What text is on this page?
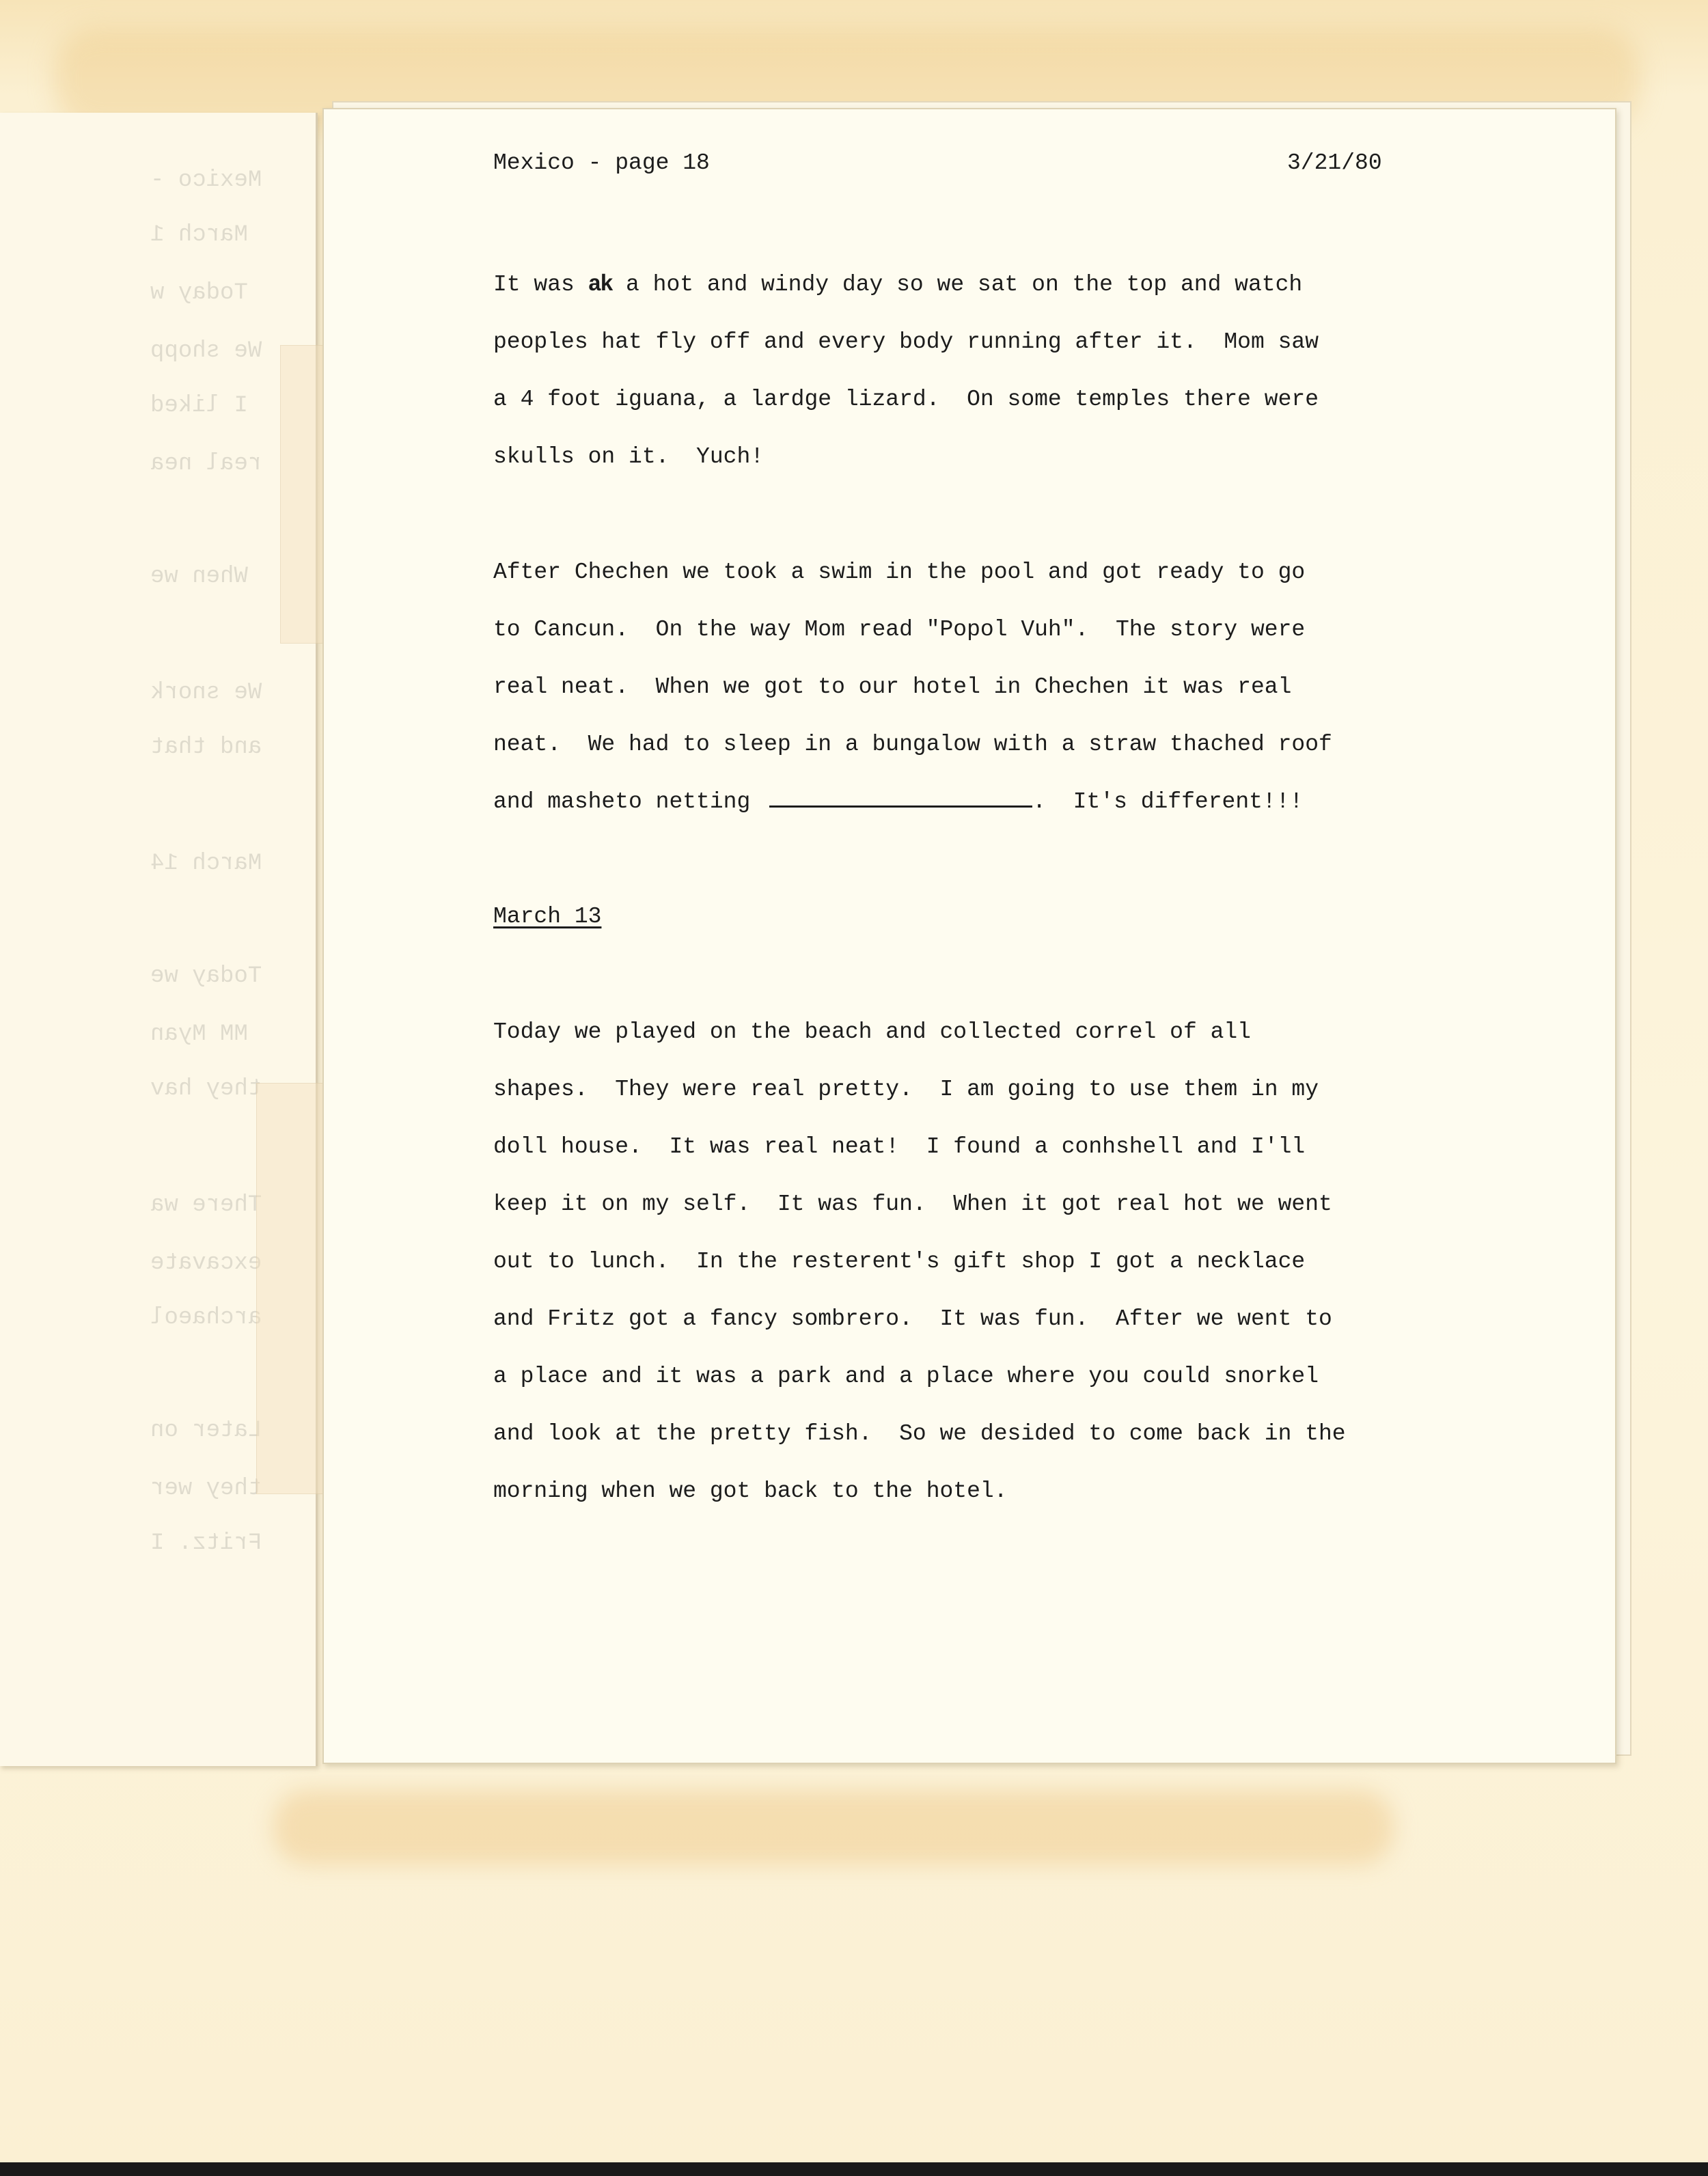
Mexico -
March 1
Today w
We shopp
I liked
real nea
When we
We snork
and that
March 14
Today we
MM Myan
they hav
There wa
excavate
archaeol
Later on
they wer
Fritz. I
Mexico - page 18	3/21/80
It was ak a hot and windy day so we sat on the top and watch
peoples hat fly off and every body running after it.  Mom saw
a 4 foot iguana, a lardge lizard.  On some temples there were
skulls on it.  Yuch!
After Chechen we took a swim in the pool and got ready to go
to Cancun.  On the way Mom read "Popol Vuh".  The story were
real neat.  When we got to our hotel in Chechen it was real
neat.  We had to sleep in a bungalow with a straw thached roof
and masheto netting	.  It's different!!!
March 13
Today we played on the beach and collected correl of all
shapes.  They were real pretty.  I am going to use them in my
doll house.  It was real neat!  I found a conhshell and I'll
keep it on my self.  It was fun.  When it got real hot we went
out to lunch.  In the resterent's gift shop I got a necklace
and Fritz got a fancy sombrero.  It was fun.  After we went to
a place and it was a park and a place where you could snorkel
and look at the pretty fish.  So we desided to come back in the
morning when we got back to the hotel.
